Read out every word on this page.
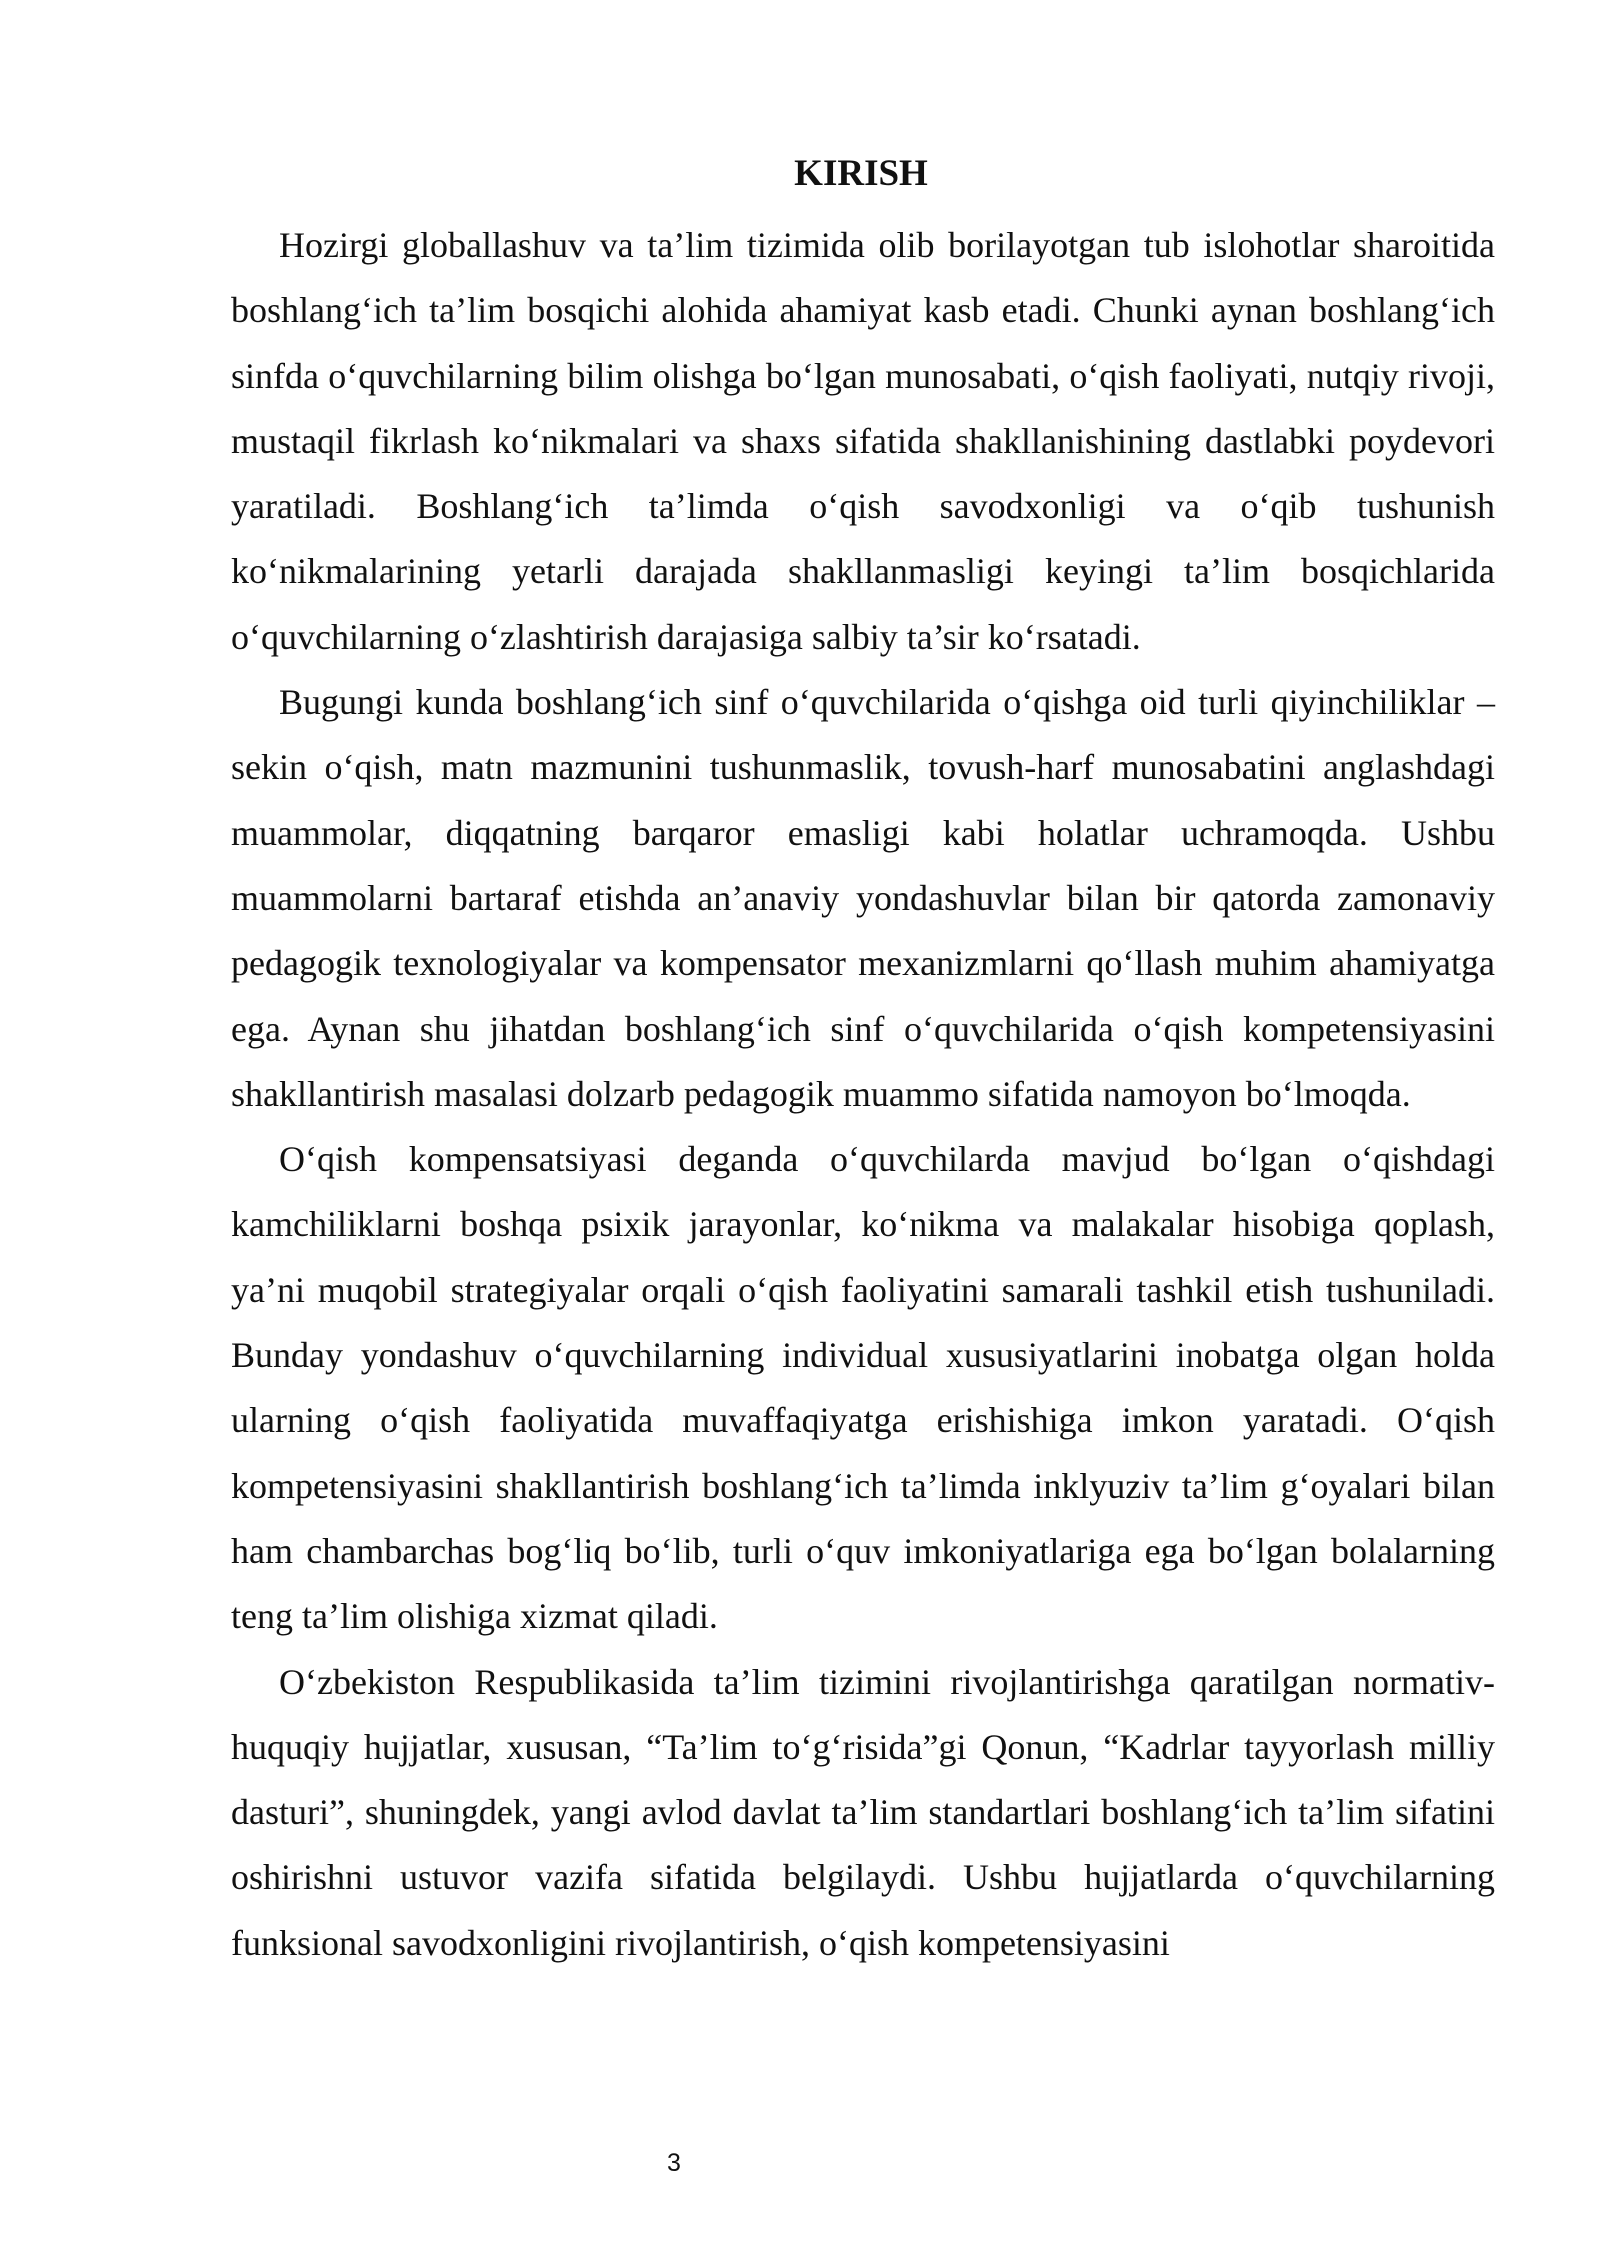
KIRISH

Hozirgi globallashuv va ta’lim tizimida olib borilayotgan tub islohotlar sharoitida boshlang‘ich ta’lim bosqichi alohida ahamiyat kasb etadi. Chunki aynan boshlang‘ich sinfda o‘quvchilarning bilim olishga bo‘lgan munosabati, o‘qish faoliyati, nutqiy rivoji, mustaqil fikrlash ko‘nikmalari va shaxs sifatida shakllanishining dastlabki poydevori yaratiladi. Boshlang‘ich ta’limda o‘qish savodxonligi va o‘qib tushunish ko‘nikmalarining yetarli darajada shakllanmasligi keyingi ta’lim bosqichlarida o‘quvchilarning o‘zlashtirish darajasiga salbiy ta’sir ko‘rsatadi.

Bugungi kunda boshlang‘ich sinf o‘quvchilarida o‘qishga oid turli qiyinchiliklar – sekin o‘qish, matn mazmunini tushunmaslik, tovush-harf munosabatini anglashdagi muammolar, diqqatning barqaror emasligi kabi holatlar uchramoqda. Ushbu muammolarni bartaraf etishda an’anaviy yondashuvlar bilan bir qatorda zamonaviy pedagogik texnologiyalar va kompensator mexanizmlarni qo‘llash muhim ahamiyatga ega. Aynan shu jihatdan boshlang‘ich sinf o‘quvchilarida o‘qish kompetensiyasini shakllantirish masalasi dolzarb pedagogik muammo sifatida namoyon bo‘lmoqda.

O‘qish kompensatsiyasi deganda o‘quvchilarda mavjud bo‘lgan o‘qishdagi kamchiliklarni boshqa psixik jarayonlar, ko‘nikma va malakalar hisobiga qoplash, ya’ni muqobil strategiyalar orqali o‘qish faoliyatini samarali tashkil etish tushuniladi. Bunday yondashuv o‘quvchilarning individual xususiyatlarini inobatga olgan holda ularning o‘qish faoliyatida muvaffaqiyatga erishishiga imkon yaratadi. O‘qish kompetensiyasini shakllantirish boshlang‘ich ta’limda inklyuziv ta’lim g‘oyalari bilan ham chambarchas bog‘liq bo‘lib, turli o‘quv imkoniyatlariga ega bo‘lgan bolalarning teng ta’lim olishiga xizmat qiladi.

O‘zbekiston Respublikasida ta’lim tizimini rivojlantirishga qaratilgan normativ-huquqiy hujjatlar, xususan, “Ta’lim to‘g‘risida”gi Qonun, “Kadrlar tayyorlash milliy dasturi”, shuningdek, yangi avlod davlat ta’lim standartlari boshlang‘ich ta’lim sifatini oshirishni ustuvor vazifa sifatida belgilaydi. Ushbu hujjatlarda o‘quvchilarning funksional savodxonligini rivojlantirish, o‘qish kompetensiyasini

3
